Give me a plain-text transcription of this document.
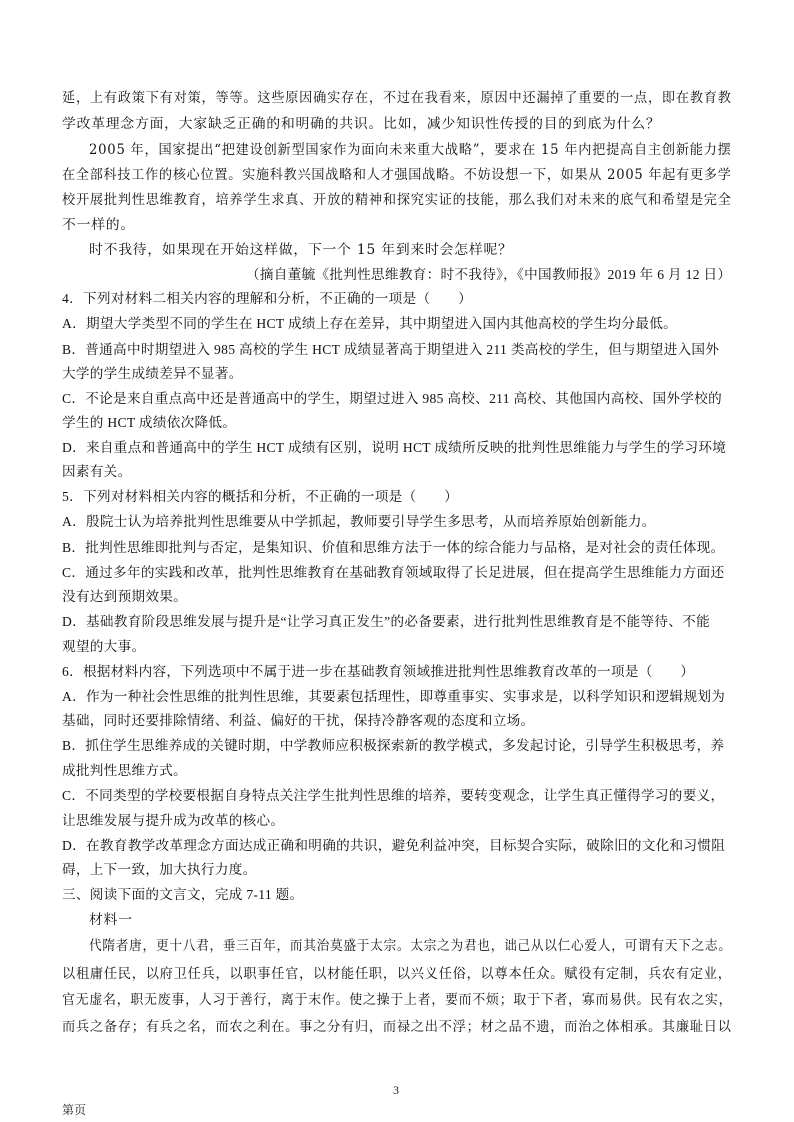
延，上有政策下有对策，等等。这些原因确实存在，不过在我看来，原因中还漏掉了重要的一点，即在教育教
学改革理念方面，大家缺乏正确的和明确的共识。比如，减少知识性传授的目的到底为什么？
2005 年，国家提出“把建设创新型国家作为面向未来重大战略”，要求在 15 年内把提高自主创新能力摆
在全部科技工作的核心位置。实施科教兴国战略和人才强国战略。不妨设想一下，如果从 2005 年起有更多学
校开展批判性思维教育，培养学生求真、开放的精神和探究实证的技能，那么我们对未来的底气和希望是完全
不一样的。
时不我待，如果现在开始这样做，下一个 15 年到来时会怎样呢？
（摘自董毓《批判性思维教育：时不我待》，《中国教师报》2019 年 6 月 12 日）
4．下列对材料二相关内容的理解和分析，不正确的一项是（　　）
A．期望大学类型不同的学生在 HCT 成绩上存在差异，其中期望进入国内其他高校的学生均分最低。
B．普通高中时期望进入 985 高校的学生 HCT 成绩显著高于期望进入 211 类高校的学生，但与期望进入国外
大学的学生成绩差异不显著。
C．不论是来自重点高中还是普通高中的学生，期望过进入 985 高校、211 高校、其他国内高校、国外学校的
学生的 HCT 成绩依次降低。
D．来自重点和普通高中的学生 HCT 成绩有区别，说明 HCT 成绩所反映的批判性思维能力与学生的学习环境
因素有关。
5．下列对材料相关内容的概括和分析，不正确的一项是（　　）
A．殷院士认为培养批判性思维要从中学抓起，教师要引导学生多思考，从而培养原始创新能力。
B．批判性思维即批判与否定，是集知识、价值和思维方法于一体的综合能力与品格，是对社会的责任体现。
C．通过多年的实践和改革，批判性思维教育在基础教育领域取得了长足进展，但在提高学生思维能力方面还
没有达到预期效果。
D．基础教育阶段思维发展与提升是“让学习真正发生”的必备要素，进行批判性思维教育是不能等待、不能
观望的大事。
6．根据材料内容，下列选项中不属于进一步在基础教育领域推进批判性思维教育改革的一项是（　　）
A．作为一种社会性思维的批判性思维，其要素包括理性，即尊重事实、实事求是，以科学知识和逻辑规划为
基础，同时还要排除情绪、利益、偏好的干扰，保持冷静客观的态度和立场。
B．抓住学生思维养成的关键时期，中学教师应积极探索新的教学模式，多发起讨论，引导学生积极思考，养
成批判性思维方式。
C．不同类型的学校要根据自身特点关注学生批判性思维的培养，要转变观念，让学生真正懂得学习的要义，
让思维发展与提升成为改革的核心。
D．在教育教学改革理念方面达成正确和明确的共识，避免利益冲突，目标契合实际，破除旧的文化和习惯阻
碍，上下一致，加大执行力度。
三、阅读下面的文言文，完成 7-11 题。
材料一
代隋者唐，更十八君，垂三百年，而其治莫盛于太宗。太宗之为君也，诎己从以仁心爱人，可谓有天下之志。
以租庸任民，以府卫任兵，以职事任官，以材能任职，以兴义任俗，以尊本任众。赋役有定制，兵农有定业，
官无虚名，职无废事，人习于善行，离于末作。使之操于上者，要而不烦；取于下者，寡而易供。民有农之实，
而兵之备存；有兵之名，而农之利在。事之分有归，而禄之出不浮；材之品不遗，而治之体相承。其廉耻日以
3
第页
